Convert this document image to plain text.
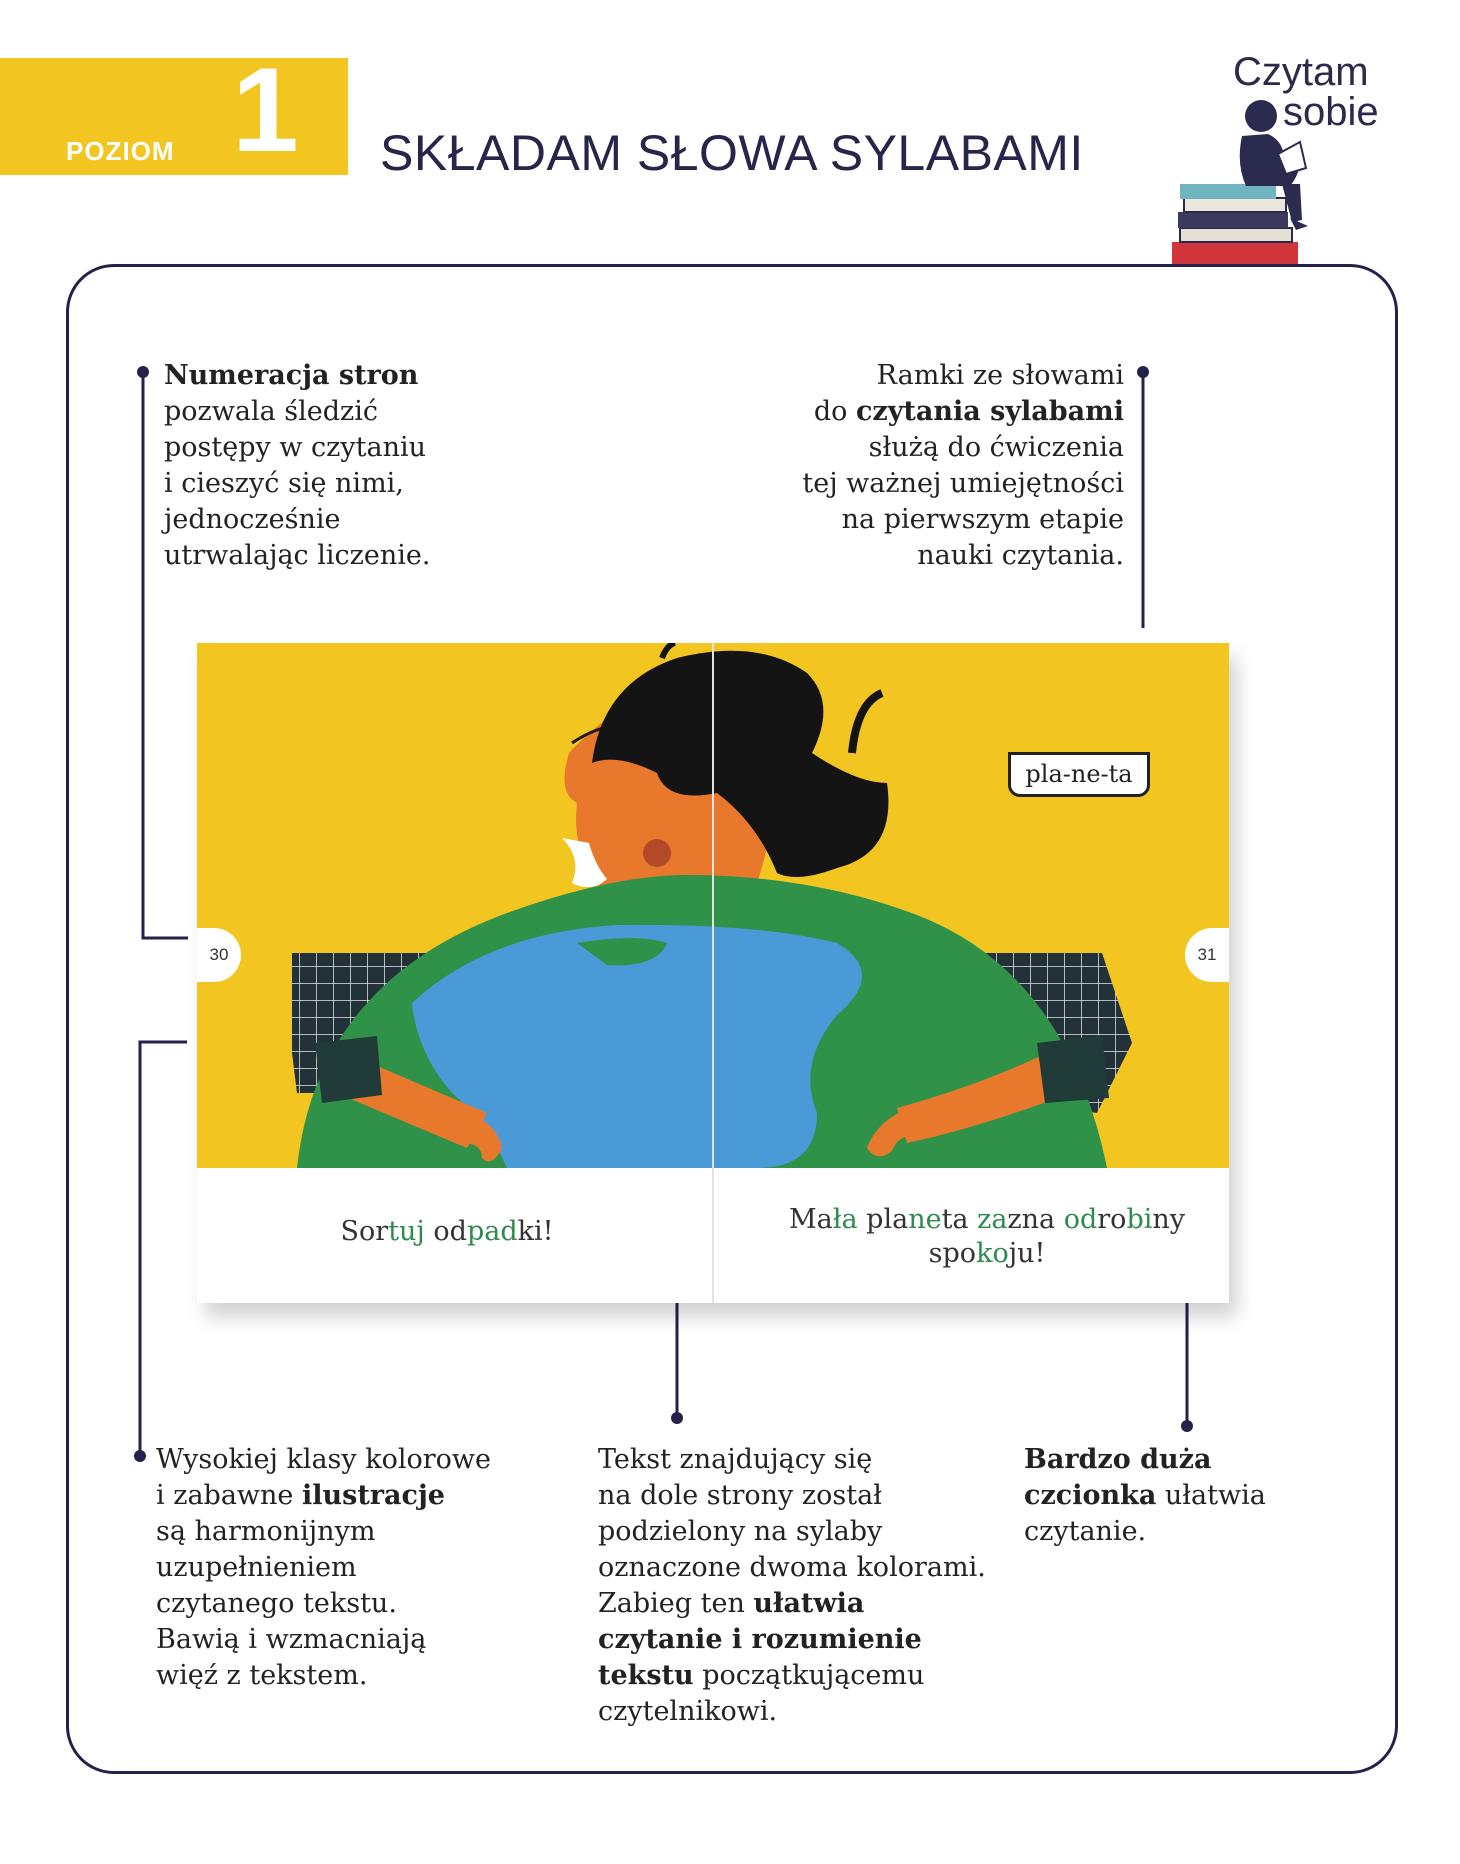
POZIOM 1 SKŁADAM SŁOWA SYLABAMI
Czytam
sobie
Numeracja stron
pozwala śledzić
postępy w czytaniu
i cieszyć się nimi,
jednocześnie
utrwalając liczenie.
Ramki ze słowami
do czytania sylabami
służą do ćwiczenia
tej ważnej umiejętności
na pierwszym etapie
nauki czytania.
Wysokiej klasy kolorowe
i zabawne ilustracje
są harmonijnym
uzupełnieniem
czytanego tekstu.
Bawią i wzmacniają
więź z tekstem.
Tekst znajdujący się
na dole strony został
podzielony na sylaby
oznaczone dwoma kolorami.
Zabieg ten ułatwia
czytanie i rozumienie
tekstu początkującemu
czytelnikowi.
Bardzo duża
czcionka ułatwia
czytanie.
Sortuj odpadki!	Mała planeta zazna odrobiny
spokoju!
30	31
pla-ne-ta
